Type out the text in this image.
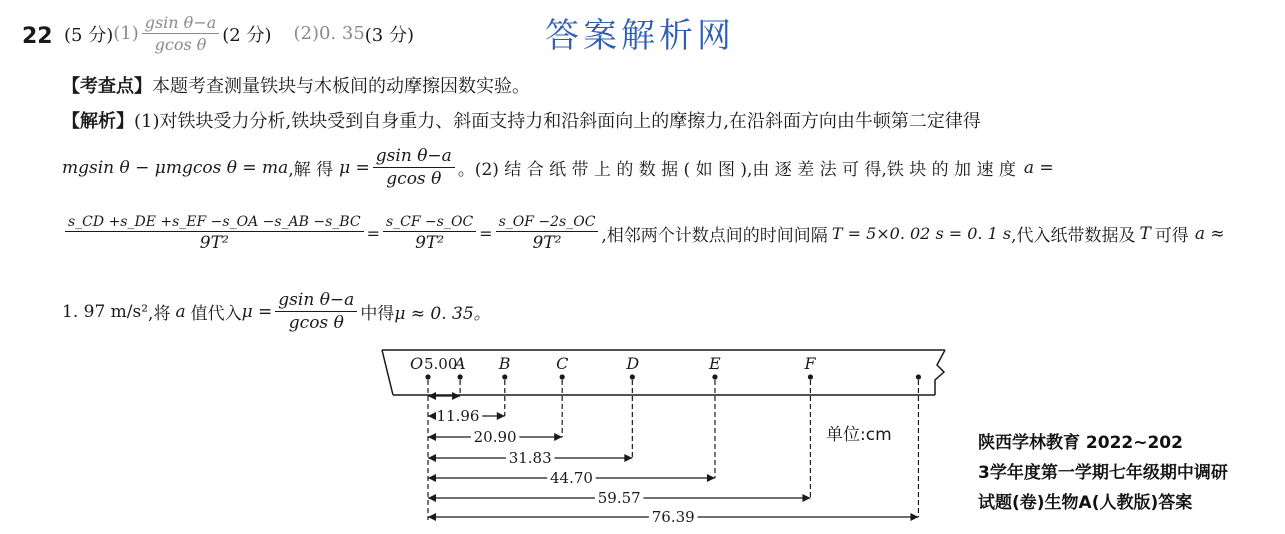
22 (5 分) $(1) \frac{\text{gsin θ−a}}{\text{gcos θ}} (2$ 分) (2)0. 35 (3 分)	答案解析网
【考查点】本题考查测量铁块与木板间的动摩擦因数实验。
【解析】(1)对铁块受力分析,铁块受到自身重力、斜面支持力和沿斜面向上的摩擦力,在沿斜面方向由牛顿第二定律得
mgsin θ − μmgcos θ = ma ,解 得 $\mu = \frac{\text{gsin θ−a}}{\text{gcos θ}}$ 。(2) 结 合 纸 带 上 的 数 据 ( 如 图 ),由 逐 差 法 可 得,铁 块 的 加 速 度 a =
$\frac{s\_CD +s\_DE +s\_EF -s\_OA -s\_AB -s\_BC}{\text{9T²}} = \frac{s\_CF -s\_OC}{\text{9T²}} = \frac{s\_OF -2s\_OC}{\text{9T²}}$ ,相邻两个计数点间的时间间隔 T = 5×0. 02 s = 0. 1 s ,代入纸带数据及 T 可得 a ≈
1. 97 m/s² ,将 a 值代入 $\mu = \frac{\text{gsin θ−a}}{\text{gcos θ}}$ 中得 μ ≈ 0. 35。
O A B	C	D	E	F
5.00
11.96
20.90
31.83
44.70
59.57
76.39
单位:cm	陕西学林教育 2022~202
3学年度第一学期七年级期中调研
试题(卷)生物A(人教版)答案
